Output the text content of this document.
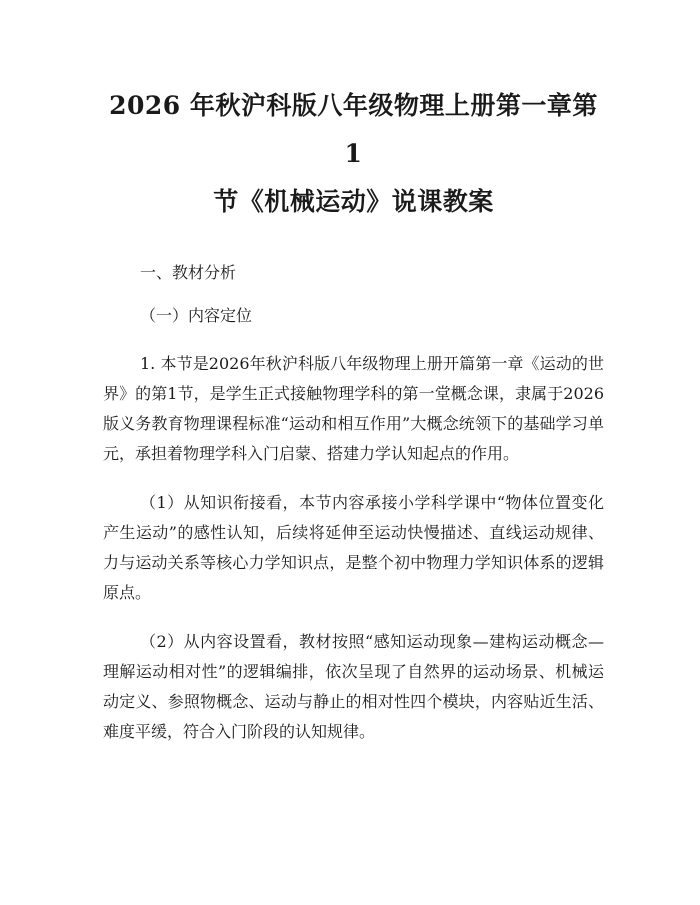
2026 年秋沪科版八年级物理上册第一章第 1
节《机械运动》说课教案

一、教材分析

（一）内容定位

1. 本节是2026年秋沪科版八年级物理上册开篇第一章《运动的世界》的第1节，是学生正式接触物理学科的第一堂概念课，隶属于2026版义务教育物理课程标准“运动和相互作用”大概念统领下的基础学习单元，承担着物理学科入门启蒙、搭建力学认知起点的作用。

（1）从知识衔接看，本节内容承接小学科学课中“物体位置变化产生运动”的感性认知，后续将延伸至运动快慢描述、直线运动规律、力与运动关系等核心力学知识点，是整个初中物理力学知识体系的逻辑原点。

（2）从内容设置看，教材按照“感知运动现象—建构运动概念—理解运动相对性”的逻辑编排，依次呈现了自然界的运动场景、机械运动定义、参照物概念、运动与静止的相对性四个模块，内容贴近生活、难度平缓，符合入门阶段的认知规律。
